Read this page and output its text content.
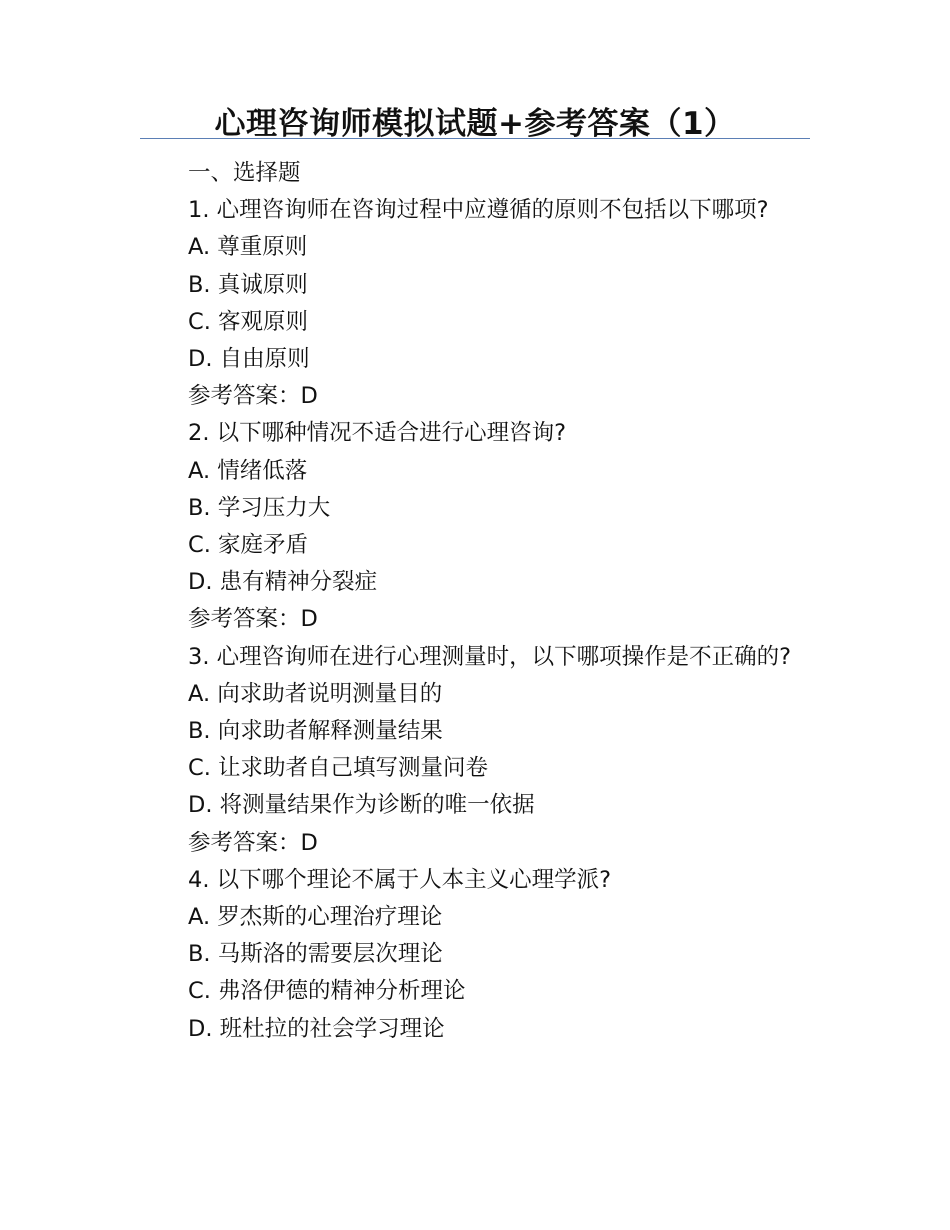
心理咨询师模拟试题+参考答案（1）
一、选择题
1. 心理咨询师在咨询过程中应遵循的原则不包括以下哪项?
A. 尊重原则
B. 真诚原则
C. 客观原则
D. 自由原则
参考答案：D
2. 以下哪种情况不适合进行心理咨询?
A. 情绪低落
B. 学习压力大
C. 家庭矛盾
D. 患有精神分裂症
参考答案：D
3. 心理咨询师在进行心理测量时，以下哪项操作是不正确的?
A. 向求助者说明测量目的
B. 向求助者解释测量结果
C. 让求助者自己填写测量问卷
D. 将测量结果作为诊断的唯一依据
参考答案：D
4. 以下哪个理论不属于人本主义心理学派?
A. 罗杰斯的心理治疗理论
B. 马斯洛的需要层次理论
C. 弗洛伊德的精神分析理论
D. 班杜拉的社会学习理论
